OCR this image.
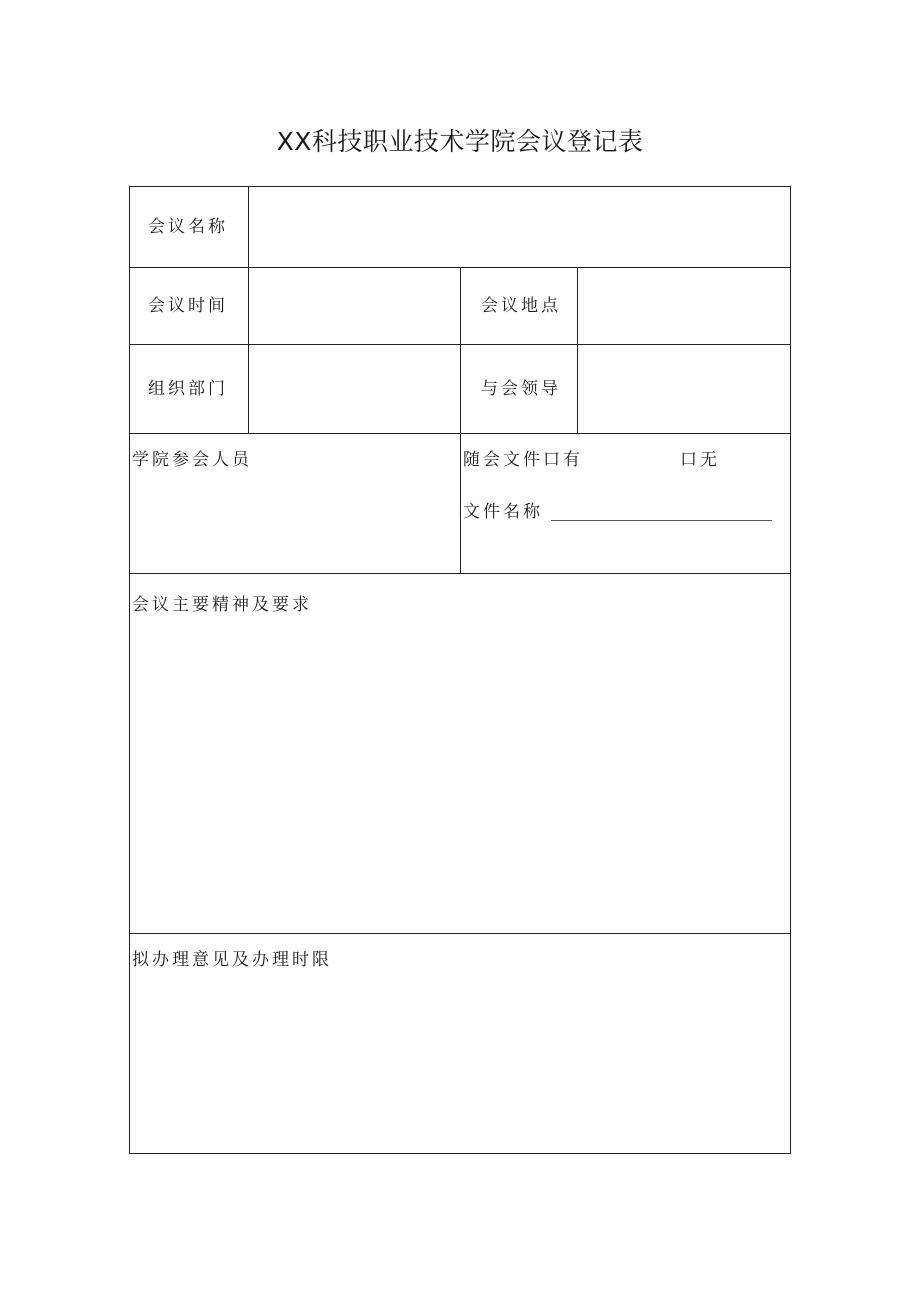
XX科技职业技术学院会议登记表
会议名称
会议时间	会议地点
组织部门	与会领导
学院参会人员	随会文件 口有	口无
文件名称
会议主要精神及要求
拟办理意见及办理时限
